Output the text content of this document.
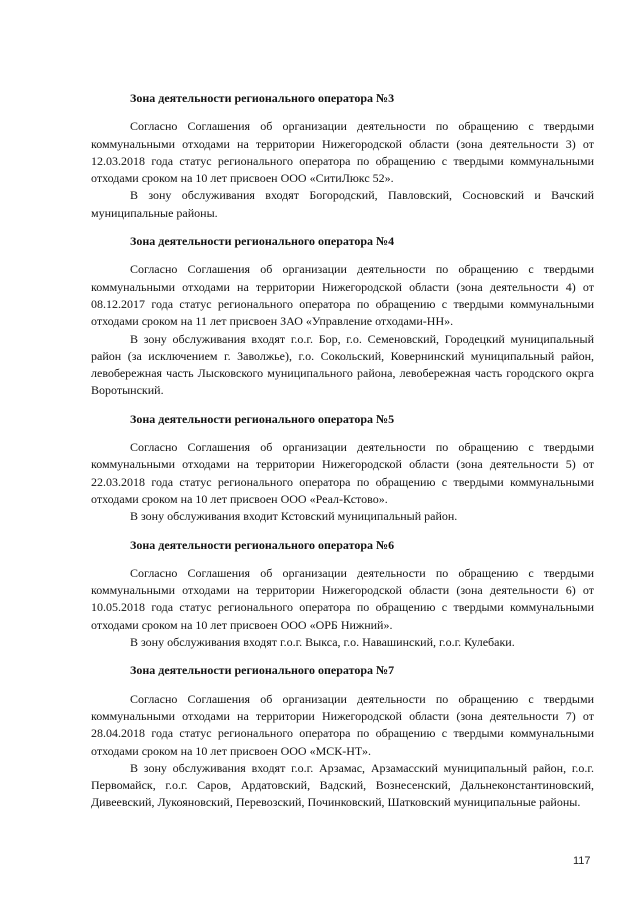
Зона деятельности регионального оператора №3

Согласно Соглашения об организации деятельности по обращению с твердыми коммунальными отходами на территории Нижегородской области (зона деятельности 3) от 12.03.2018 года статус регионального оператора по обращению с твердыми коммунальными отходами сроком на 10 лет присвоен ООО «СитиЛюкс 52».

В зону обслуживания входят Богородский, Павловский, Сосновский и Вачский муниципальные районы.

Зона деятельности регионального оператора №4

Согласно Соглашения об организации деятельности по обращению с твердыми коммунальными отходами на территории Нижегородской области (зона деятельности 4) от 08.12.2017 года статус регионального оператора по обращению с твердыми коммунальными отходами сроком на 11 лет присвоен ЗАО «Управление отходами-НН».

В зону обслуживания входят г.о.г. Бор, г.о. Семеновский, Городецкий муниципальный район (за исключением г. Заволжье), г.о. Сокольский, Ковернинский муниципальный район, левобережная часть Лысковского муниципального района, левобережная часть городского окрга Воротынский.

Зона деятельности регионального оператора №5

Согласно Соглашения об организации деятельности по обращению с твердыми коммунальными отходами на территории Нижегородской области (зона деятельности 5) от 22.03.2018 года статус регионального оператора по обращению с твердыми коммунальными отходами сроком на 10 лет присвоен ООО «Реал-Кстово».

В зону обслуживания входит Кстовский муниципальный район.

Зона деятельности регионального оператора №6

Согласно Соглашения об организации деятельности по обращению с твердыми коммунальными отходами на территории Нижегородской области (зона деятельности 6) от 10.05.2018 года статус регионального оператора по обращению с твердыми коммунальными отходами сроком на 10 лет присвоен ООО «ОРБ Нижний».

В зону обслуживания входят г.о.г. Выкса, г.о. Навашинский, г.о.г. Кулебаки.

Зона деятельности регионального оператора №7

Согласно Соглашения об организации деятельности по обращению с твердыми коммунальными отходами на территории Нижегородской области (зона деятельности 7) от 28.04.2018 года статус регионального оператора по обращению с твердыми коммунальными отходами сроком на 10 лет присвоен ООО «МСК-НТ».

В зону обслуживания входят г.о.г. Арзамас, Арзамасский муниципальный район, г.о.г. Первомайск, г.о.г. Саров, Ардатовский, Вадский, Вознесенский, Дальнеконстантиновский, Дивеевский, Лукояновский, Перевозский, Починковский, Шатковский муниципальные районы.

117
